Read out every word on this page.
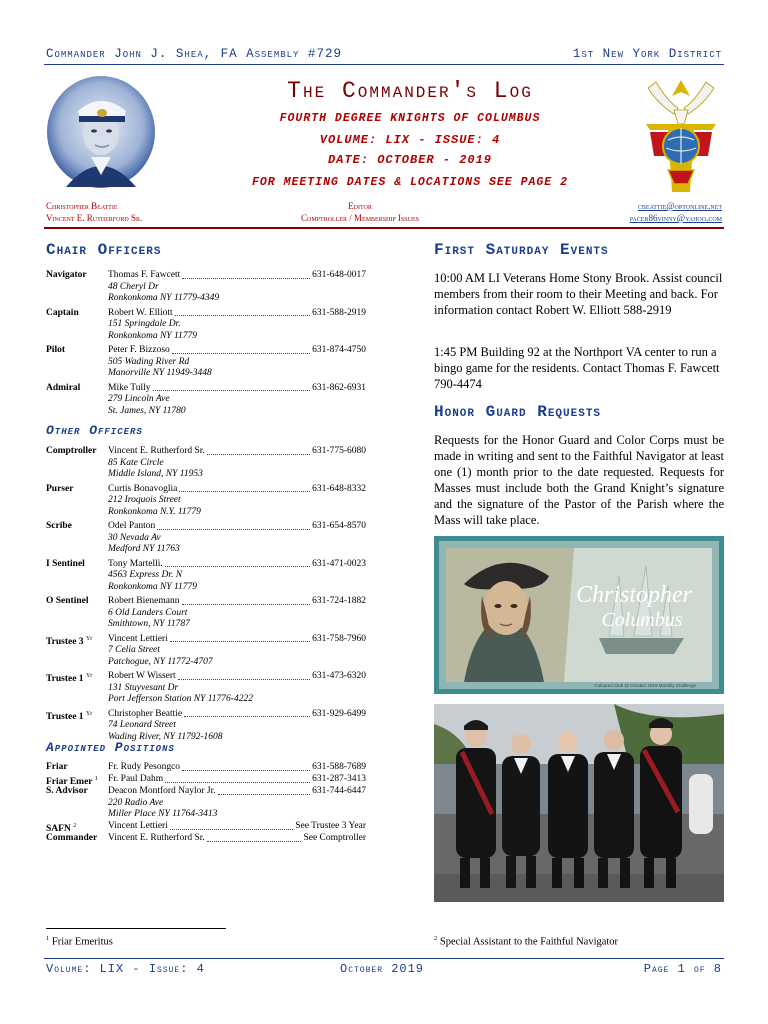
Commander John J. Shea, FA Assembly #729	1st New York District
The Commander's Log
FOURTH DEGREE KNIGHTS OF COLUMBUS
VOLUME: LIX - ISSUE: 4
DATE: OCTOBER - 2019
FOR MEETING DATES & LOCATIONS SEE PAGE 2
Christopher Beattie
Vincent E. Rutherford Sr.
Editor
Comptroller / Membership Issues
cbeattie@optonline.net
pacer86vinny@yahoo.com
Chair Officers
Navigator Thomas F. Fawcett	631-648-0017
48 Cheryl Dr
Ronkonkoma NY 11779-4349
Captain	Robert W. Elliott	631-588-2919
151 Springdale Dr.
Ronkonkoma NY 11779
Pilot	Peter F. Bizzoso	631-874-4750
505 Wading River Rd
Manorville NY 11949-3448
Admiral	Mike Tully	631-862-6931
279 Lincoln Ave
St. James, NY 11780
Other Officers
Comptroller Vincent E. Rutherford Sr.	631-775-6080
85 Kate Circle
Middle Island, NY 11953
Purser	Curtis Bonavoglia	631-648-8332
212 Iroquois Street
Ronkonkoma N.Y. 11779
Scribe	Odel Panton	631-654-8570
30 Nevada Av
Medford NY 11763
I Sentinel Tony Martelli.	631-471-0023
4563 Express Dr. N
Ronkonkoma NY 11779
O Sentinel Robert Bienemann	631-724-1882
6 Old Landers Court
Smithtown, NY 11787
Trustee 3 $^{Yr}$ Vincent Lettieri	631-758-7960
7 Celia Street
Patchogue, NY 11772-4707
Trustee 1 $^{Yr}$ Robert W Wissert	631-473-6320
131 Stuyvesant Dr
Port Jefferson Station NY 11776-4222
Trustee 1 $^{Yr}$ Christopher Beattie	631-929-6499
74 Leonard Street
Wading River, NY 11792-1608
Appointed Positions
Friar	Fr. Rudy Pesongco	631-588-7689
Friar Emer $^1$ Fr. Paul Dahm	631-287-3413
S. Advisor Deacon Montford Naylor Jr.	631-744-6447
220 Radio Ave
Miller Place NY 11764-3413
SAFN $^2$	Vincent Lettieri	See Trustee 3 Year
Commander Vincent E. Rutherford Sr.	See Comptroller
First Saturday Events
10:00 AM LI Veterans Home Stony Brook. Assist council members from their room to their Meeting and back. For information contact Robert W. Elliott 588-2919
1:45 PM Building 92 at the Northport VA center to run a bingo game for the residents. Contact Thomas F. Fawcett 790-4474
Honor Guard Requests
Requests for the Honor Guard and Color Corps must be made in writing and sent to the Faithful Navigator at least one (1) month prior to the date requested. Requests for Masses must include both the Grand Knight’s signature and the signature of the Pastor of the Parish where the Mass will take place.
Christopher
Columbus
Coloured Club @ October 2019 Monthly Challenge
$^1$ Friar Emeritus	$^2$ Special Assistant to the Faithful Navigator
Volume: LIX - Issue: 4	October 2019	Page 1 of 8
